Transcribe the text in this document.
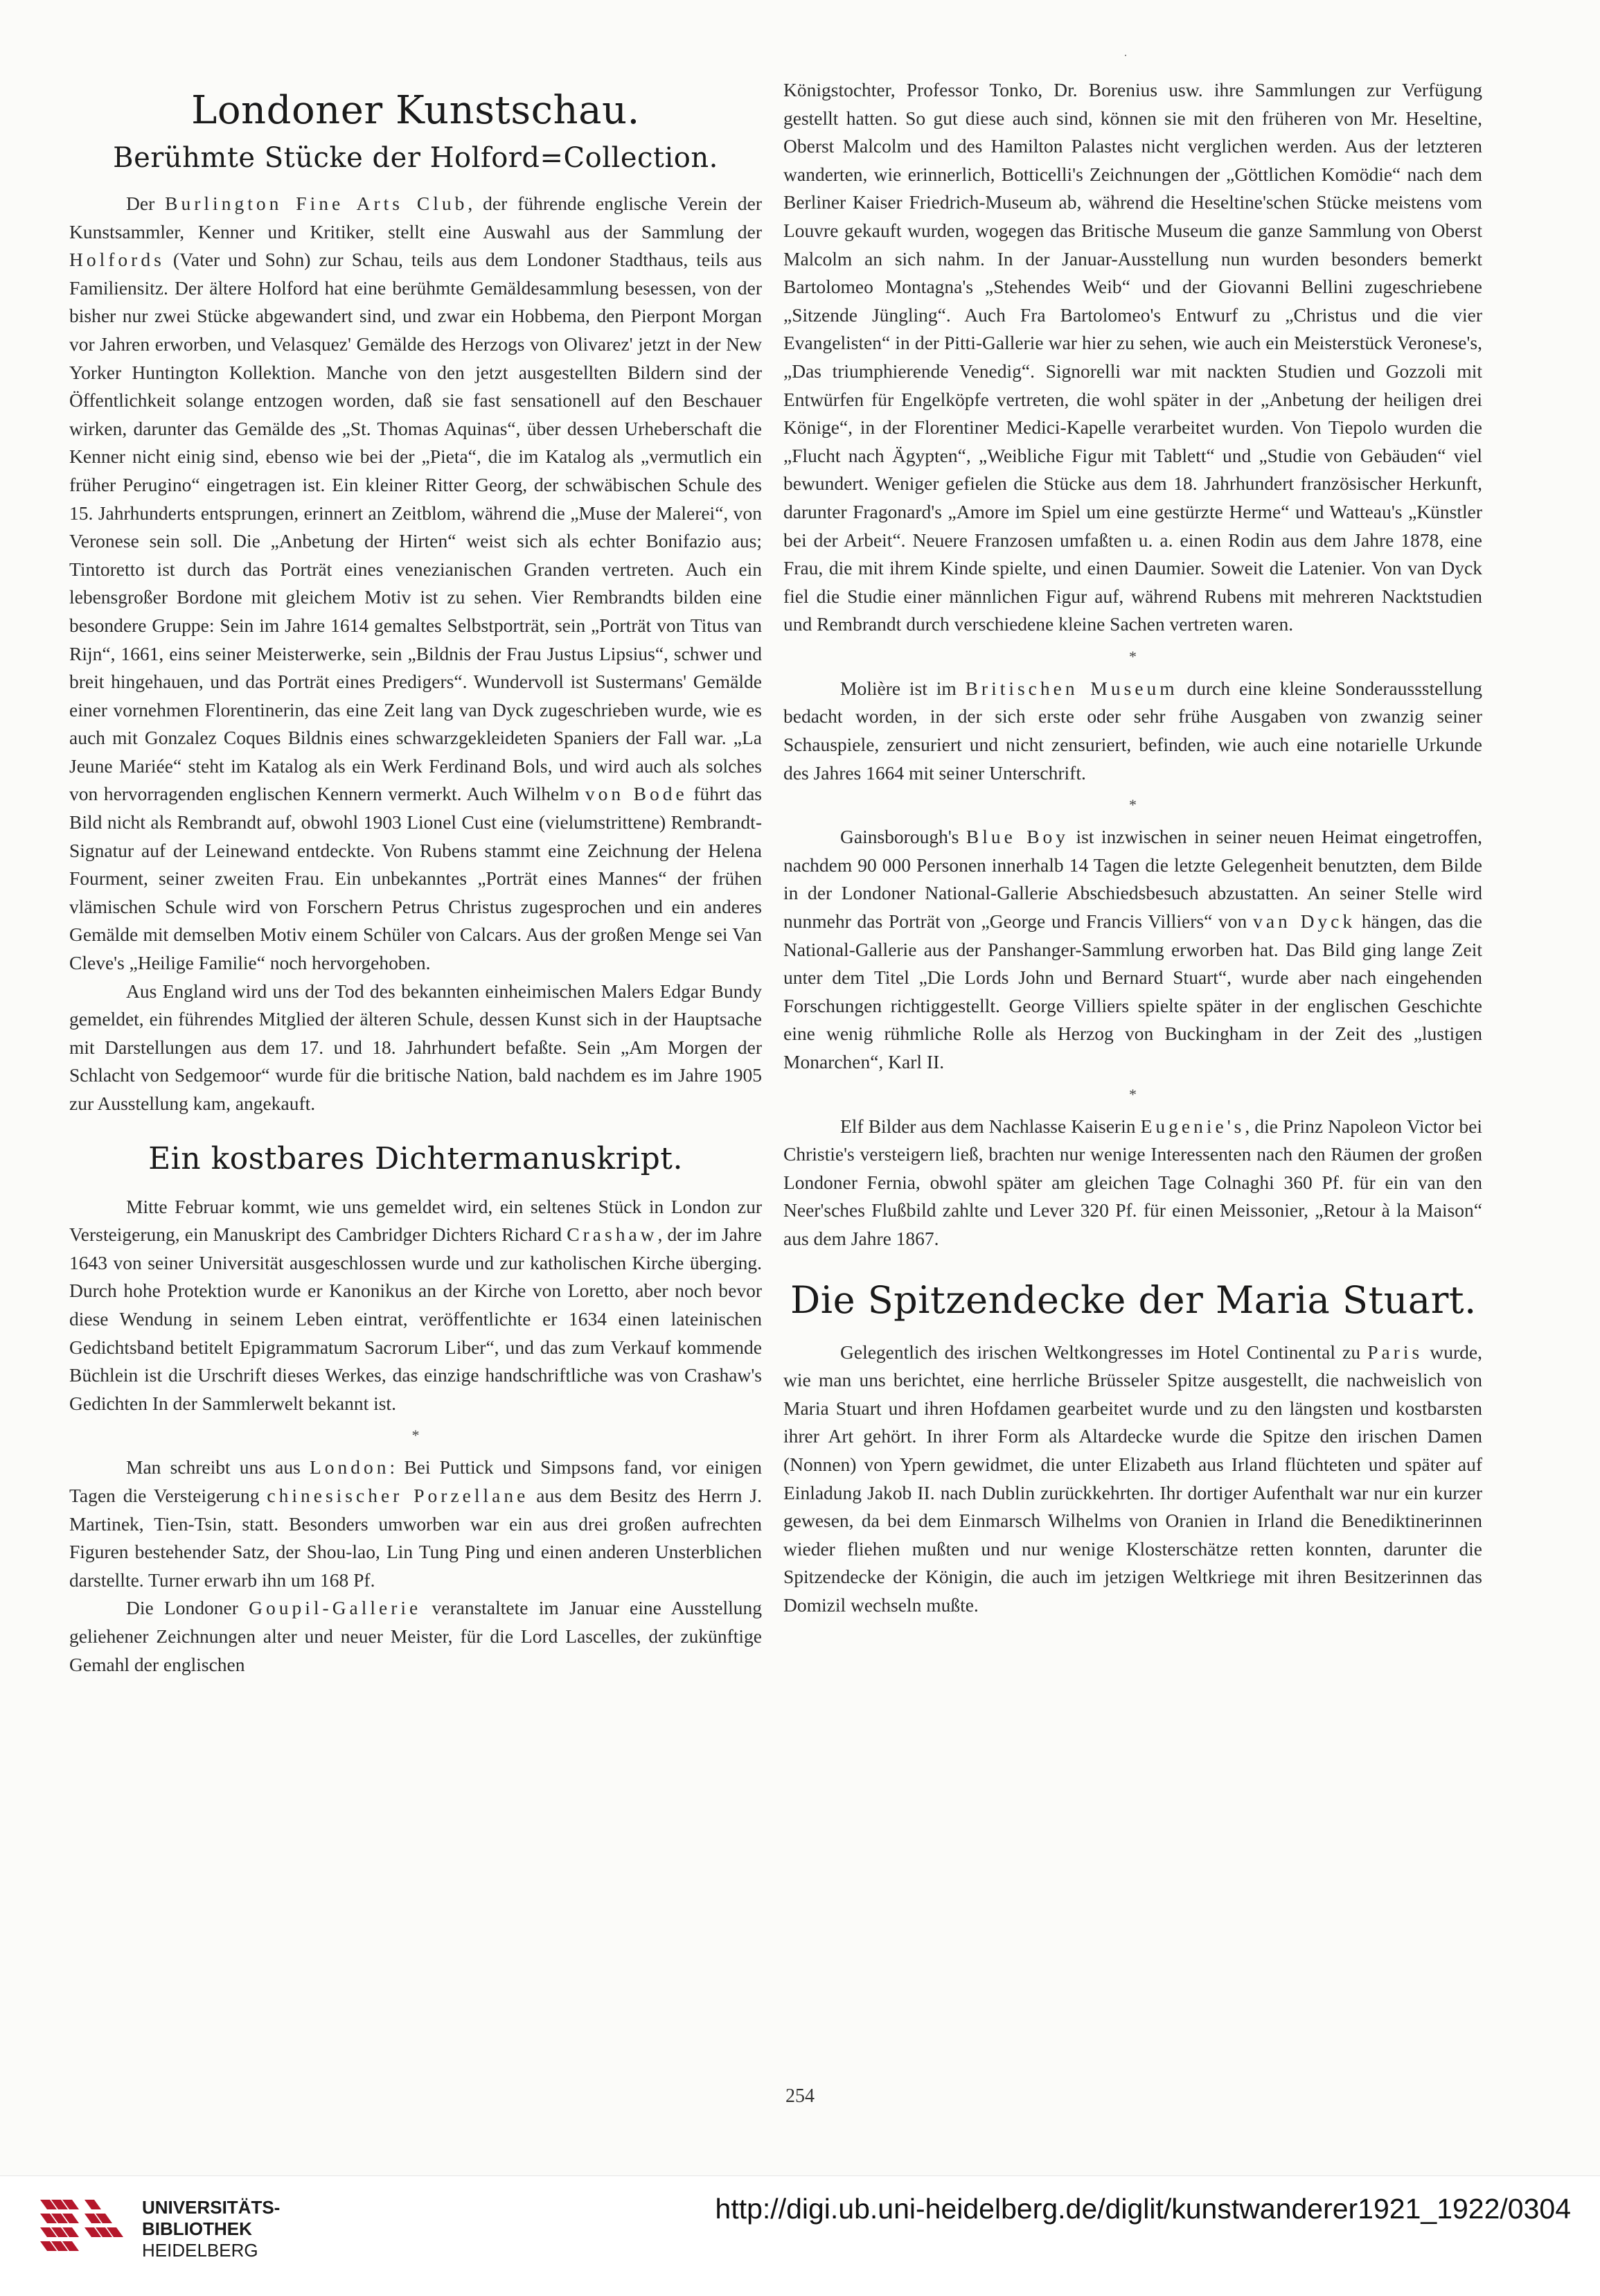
·
Londoner Kunstschau.
Berühmte Stücke der Holford=Collection.

Der Burlington Fine Arts Club, der führende englische Verein der Kunstsammler, Kenner und Kritiker, stellt eine Auswahl aus der Sammlung der Holfords (Vater und Sohn) zur Schau, teils aus dem Londoner Stadthaus, teils aus Familiensitz. Der ältere Holford hat eine berühmte Gemäldesammlung besessen, von der bisher nur zwei Stücke abgewandert sind, und zwar ein Hobbema, den Pierpont Morgan vor Jahren erworben, und Velasquez' Gemälde des Herzogs von Olivarez' jetzt in der New Yorker Huntington Kollektion. Manche von den jetzt ausgestellten Bildern sind der Öffentlichkeit solange entzogen worden, daß sie fast sensationell auf den Beschauer wirken, darunter das Gemälde des „St. Thomas Aquinas“, über dessen Urheberschaft die Kenner nicht einig sind, ebenso wie bei der „Pieta“, die im Katalog als „vermutlich ein früher Perugino“ eingetragen ist. Ein kleiner Ritter Georg, der schwäbischen Schule des 15. Jahrhunderts entsprungen, erinnert an Zeitblom, während die „Muse der Malerei“, von Veronese sein soll. Die „Anbetung der Hirten“ weist sich als echter Bonifazio aus; Tintoretto ist durch das Porträt eines venezianischen Granden vertreten. Auch ein lebensgroßer Bordone mit gleichem Motiv ist zu sehen. Vier Rembrandts bilden eine besondere Gruppe: Sein im Jahre 1614 gemaltes Selbstporträt, sein „Porträt von Titus van Rijn“, 1661, eins seiner Meisterwerke, sein „Bildnis der Frau Justus Lipsius“, schwer und breit hingehauen, und das Porträt eines Predigers“. Wundervoll ist Sustermans' Gemälde einer vornehmen Florentinerin, das eine Zeit lang van Dyck zugeschrieben wurde, wie es auch mit Gonzalez Coques Bildnis eines schwarzgekleideten Spaniers der Fall war. „La Jeune Mariée“ steht im Katalog als ein Werk Ferdinand Bols, und wird auch als solches von hervorragenden englischen Kennern vermerkt. Auch Wilhelm von Bode führt das Bild nicht als Rembrandt auf, obwohl 1903 Lionel Cust eine (vielumstrittene) Rembrandt-Signatur auf der Leinewand entdeckte. Von Rubens stammt eine Zeichnung der Helena Fourment, seiner zweiten Frau. Ein unbekanntes „Porträt eines Mannes“ der frühen vlämischen Schule wird von Forschern Petrus Christus zugesprochen und ein anderes Gemälde mit demselben Motiv einem Schüler von Calcars. Aus der großen Menge sei Van Cleve's „Heilige Familie“ noch hervorgehoben.

Aus England wird uns der Tod des bekannten einheimischen Malers Edgar Bundy gemeldet, ein führendes Mitglied der älteren Schule, dessen Kunst sich in der Hauptsache mit Darstellungen aus dem 17. und 18. Jahrhundert befaßte. Sein „Am Morgen der Schlacht von Sedgemoor“ wurde für die britische Nation, bald nachdem es im Jahre 1905 zur Ausstellung kam, angekauft.

Ein kostbares Dichtermanuskript.

Mitte Februar kommt, wie uns gemeldet wird, ein seltenes Stück in London zur Versteigerung, ein Manuskript des Cambridger Dichters Richard Crashaw, der im Jahre 1643 von seiner Universität ausgeschlossen wurde und zur katholischen Kirche überging. Durch hohe Protektion wurde er Kanonikus an der Kirche von Loretto, aber noch bevor diese Wendung in seinem Leben eintrat, veröffentlichte er 1634 einen lateinischen Gedichtsband betitelt Epigrammatum Sacrorum Liber“, und das zum Verkauf kommende Büchlein ist die Urschrift dieses Werkes, das einzige handschriftliche was von Crashaw's Gedichten In der Sammlerwelt bekannt ist.

*

Man schreibt uns aus London: Bei Puttick und Simpsons fand, vor einigen Tagen die Versteigerung chinesischer Porzellane aus dem Besitz des Herrn J. Martinek, Tien-Tsin, statt. Besonders umworben war ein aus drei großen aufrechten Figuren bestehender Satz, der Shou-lao, Lin Tung Ping und einen anderen Unsterblichen darstellte. Turner erwarb ihn um 168 Pf.

Die Londoner Goupil-Gallerie veranstaltete im Januar eine Ausstellung geliehener Zeichnungen alter und neuer Meister, für die Lord Lascelles, der zukünftige Gemahl der englischen

Königstochter, Professor Tonko, Dr. Borenius usw. ihre Sammlungen zur Verfügung gestellt hatten. So gut diese auch sind, können sie mit den früheren von Mr. Heseltine, Oberst Malcolm und des Hamilton Palastes nicht verglichen werden. Aus der letzteren wanderten, wie erinnerlich, Botticelli's Zeichnungen der „Göttlichen Komödie“ nach dem Berliner Kaiser Friedrich-Museum ab, während die Heseltine'schen Stücke meistens vom Louvre gekauft wurden, wogegen das Britische Museum die ganze Sammlung von Oberst Malcolm an sich nahm. In der Januar-Ausstellung nun wurden besonders bemerkt Bartolomeo Montagna's „Stehendes Weib“ und der Giovanni Bellini zugeschriebene „Sitzende Jüngling“. Auch Fra Bartolomeo's Entwurf zu „Christus und die vier Evangelisten“ in der Pitti-Gallerie war hier zu sehen, wie auch ein Meisterstück Veronese's, „Das triumphierende Venedig“. Signorelli war mit nackten Studien und Gozzoli mit Entwürfen für Engelköpfe vertreten, die wohl später in der „Anbetung der heiligen drei Könige“, in der Florentiner Medici-Kapelle verarbeitet wurden. Von Tiepolo wurden die „Flucht nach Ägypten“, „Weibliche Figur mit Tablett“ und „Studie von Gebäuden“ viel bewundert. Weniger gefielen die Stücke aus dem 18. Jahrhundert französischer Herkunft, darunter Fragonard's „Amore im Spiel um eine gestürzte Herme“ und Watteau's „Künstler bei der Arbeit“. Neuere Franzosen umfaßten u. a. einen Rodin aus dem Jahre 1878, eine Frau, die mit ihrem Kinde spielte, und einen Daumier. Soweit die Latenier. Von van Dyck fiel die Studie einer männlichen Figur auf, während Rubens mit mehreren Nacktstudien und Rembrandt durch verschiedene kleine Sachen vertreten waren.

*

Molière ist im Britischen Museum durch eine kleine Sonderaussstellung bedacht worden, in der sich erste oder sehr frühe Ausgaben von zwanzig seiner Schauspiele, zensuriert und nicht zensuriert, befinden, wie auch eine notarielle Urkunde des Jahres 1664 mit seiner Unterschrift.

*

Gainsborough's Blue Boy ist inzwischen in seiner neuen Heimat eingetroffen, nachdem 90 000 Personen innerhalb 14 Tagen die letzte Gelegenheit benutzten, dem Bilde in der Londoner National-Gallerie Abschiedsbesuch abzustatten. An seiner Stelle wird nunmehr das Porträt von „George und Francis Villiers“ von van Dyck hängen, das die National-Gallerie aus der Panshanger-Sammlung erworben hat. Das Bild ging lange Zeit unter dem Titel „Die Lords John und Bernard Stuart“, wurde aber nach eingehenden Forschungen richtiggestellt. George Villiers spielte später in der englischen Geschichte eine wenig rühmliche Rolle als Herzog von Buckingham in der Zeit des „lustigen Monarchen“, Karl II.

*

Elf Bilder aus dem Nachlasse Kaiserin Eugenie's, die Prinz Napoleon Victor bei Christie's versteigern ließ, brachten nur wenige Interessenten nach den Räumen der großen Londoner Fernia, obwohl später am gleichen Tage Colnaghi 360 Pf. für ein van den Neer'sches Flußbild zahlte und Lever 320 Pf. für einen Meissonier, „Retour à la Maison“ aus dem Jahre 1867.

Die Spitzendecke der Maria Stuart.

Gelegentlich des irischen Weltkongresses im Hotel Continental zu Paris wurde, wie man uns berichtet, eine herrliche Brüsseler Spitze ausgestellt, die nachweislich von Maria Stuart und ihren Hofdamen gearbeitet wurde und zu den längsten und kostbarsten ihrer Art gehört. In ihrer Form als Altardecke wurde die Spitze den irischen Damen (Nonnen) von Ypern gewidmet, die unter Elizabeth aus Irland flüchteten und später auf Einladung Jakob II. nach Dublin zurückkehrten. Ihr dortiger Aufenthalt war nur ein kurzer gewesen, da bei dem Einmarsch Wilhelms von Oranien in Irland die Benediktinerinnen wieder fliehen mußten und nur wenige Klosterschätze retten konnten, darunter die Spitzendecke der Königin, die auch im jetzigen Weltkriege mit ihren Besitzerinnen das Domizil wechseln mußte.

254
UNIVERSITÄTS-
BIBLIOTHEK
HEIDELBERG
http://digi.ub.uni-heidelberg.de/diglit/kunstwanderer1921_1922/0304
